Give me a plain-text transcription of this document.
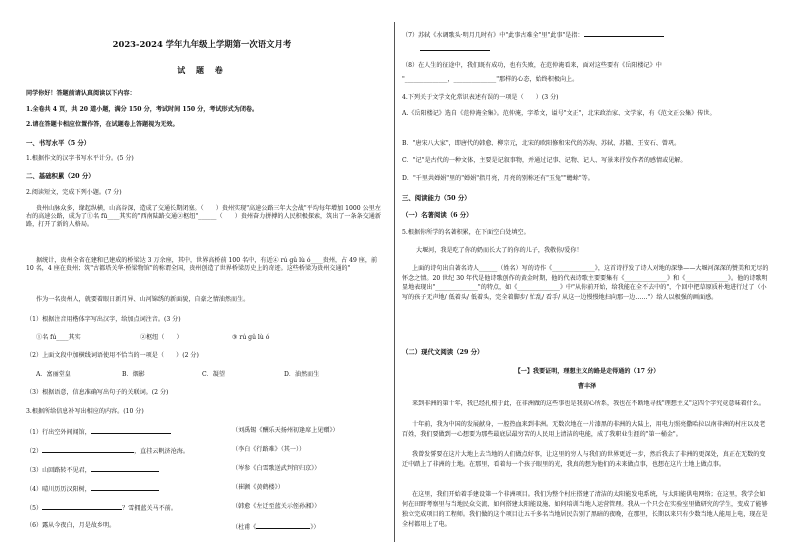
2023-2024 学年九年级上学期第一次语文月考
试 题 卷
同学你好！答题前请认真阅读以下内容：
1.全卷共 4 页，共 20 道小题，满分 150 分，考试时间 150 分，考试形式为闭卷。
2.请在答题卡相应位置作答，在试题卷上答题视为无效。
一、书写水平（5 分）
1.根据作文的汉字书写水平计分。(5 分)
二、基础积累（20 分）
2.阅读短文，完成下列小题。(7 分)
贵州山脉众多，缘起纵横，山高谷深，造成了交通长期闭塞。（　　）贵州实现"高速公路三年大会战"平均每年增加 1000 公里左右的高速公路，成为了①名 fū____其实的"西南陆路交通②枢纽"______（　　）贵州奋力拼搏的人民积极探索，筑出了一条条交通新路，打开了新的人格局。
据统计，贵州全省在建和已建成的桥梁达 3 万余座，其中，世界高桥前 100 名中，有近④ rú gǔ lù ó____贵州，占 49 座，前 10 名，4 座在贵州；筑"古都塔关华·桥梁物馆"的称谓全国，贵州创造了世界桥梁历史上的奇迹。这些桥梁为贵州交通的"
作为一名贵州人，就要着眼日新月异、山河锦绣的新面貌，自豪之情油然而生。
（1）根据注音用楷体字写出汉字，给加点词注音。(3 分)
①名 fú____其实	②枢纽（　　）	③ rú gǔ lù ó
（2）上面文段中加横线词语使用不恰当的一项是（　　）(2 分)
A．富丽堂皇	B．烟影	C．凝望	D．油然而生
（3）根据语意，信息准确写出句子的关联词。(2 分)
3.根据所给信息补写出相应的内容。(10 分)
（1）行出空外间闻馆，	（刘禹锡《酬乐天扬州初逢席上见赠》）
（2）	，直挂云帆济沧海。	（李白《行路难》（其一））
（3）山回路转不见君，	（岑参《白雪歌送武判官归京》）
（4）晴川历历汉阳树，	（崔颢《黄鹤楼》）
（5）	？雪拥蓝关马不前。	（韩愈《左迁至蓝关示侄孙湘》）
（6）露从今夜白，月是故乡明。	（杜甫《	》）
（7）苏轼《水调歌头·明月几时有》中"此事古难全"里"此事"是指：
（8）在人生的征途中，我们既有成功，也有失败，在范仲淹看来，面对这些要有《岳阳楼记》中
"______________，______________"那样的心态，始终积极向上。
4.下列关于文学文化常识表述有误的一项是（　　）(3 分)
A.《岳阳楼记》选自《范仲淹全集》。范仲淹，字希文，谥号"文正"，北宋政治家、文学家，有《范文正公集》传世。
B．"唐宋八大家"，即唐代的韩愈、柳宗元，北宋的欧阳修和宋代的苏洵、苏轼、苏辙、王安石、曾巩。
C．"记"是古代的一种文体，主要是记叙事物，并通过记事、记物、记人、写景来抒发作者的感情或见解。
D．"千里共婵娟"里的"婵娟"指月亮，月亮的别称还有"玉兔""蟾蜍"等。
三、阅读能力（50 分）
（一）名著阅读（6 分）
5.根据你所学的名著积累，在下面空白处填空。
大堰河，我是吃了你的奶而长大了的你的儿子，我敬你/爱你！
上面的诗句出自著名诗人______（姓名）写的诗作《______________》，这首诗抒发了诗人对地的深挚——大堰河深深的赞美和无尽的怀念之情。20 世纪 30 年代是他诗歌创作的黄金时期，他的代表诗歌主要要集有《______________》和《______________》。他的诗歌明显地表现出"______________"的特点，如《______________》中"从你前开始，给我能在全不去中的"，个回中把草原质朴地进行过了（小写的孩子无声地/ 低着头/ 低着头，完全着脚步/ 忙乱/ 看手/ 从这一边慢慢地扫向那一边……"）给人以极强的画面感。
（二）现代文阅读（29 分）
【一】我要证明，理想主义的路是走得通的（17 分）
曹丰泽
来到非洲的第十年，我已经扎根于此，在非洲做的这些事也是我初心所系，我也在不断地寻找"理想主义"这四个字究竟意味着什么。
十年前，我为中国的发展献身，一腔热血来到非洲。无数次地在一片漆黑的非洲的大陆上，用电力照亮撒哈拉以南非洲的村庄以及老百姓，我们要做到一心想要为那些最底层最穷苦的人民用上清洁的电能，成了我职业生涯的"第一桶金"。
我曾发誓要在这片大地上去当地的人们做点好事，让这里的穷人与我们的世界更近一步，然后我去了非洲的更深处，真正在无数的变迁中踏上了非洲的土地。在那里，看着每一个孩子眼里的光，我真的想为他们的未来做点事，也想在这片土地上做点事。
在这里，我们开始着手建设第一个非洲项目。我们为整个村庄搭建了清洁的太阳能发电系统，与太阳能供电网络；在这里，我学会如何在田野考察里与当地民众交流、如何搭建太阳能设施、如何培训当地人运营管理。我从一个只会在实验室里做研究的学生，变成了能够独立完成项目的工程师。我们做的这个项目让五千多名当地居民告别了黑暗的夜晚，在那里，长期以来只有少数当地人能用上电，现在是全村都用上了电。
